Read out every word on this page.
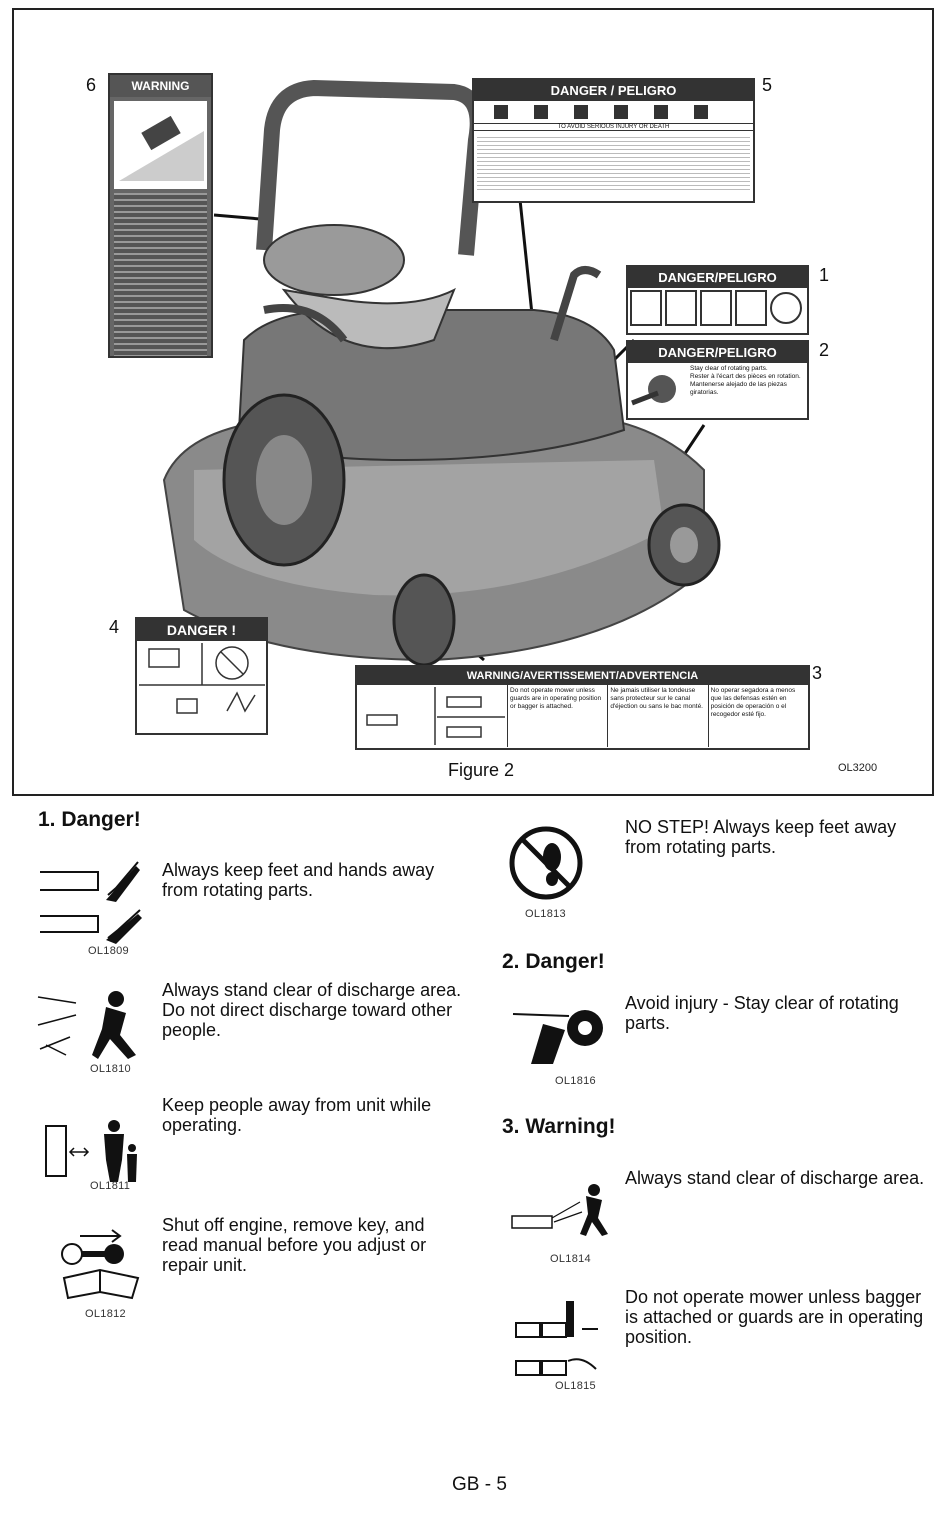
6	5
1
2
4
3
WARNING	DANGER / PELIGRO
TO AVOID SERIOUS INJURY OR DEATH
DANGER/PELIGRO
DANGER/PELIGRO
Stay clear of rotating parts.
Rester à l'écart des pièces en rotation.
Mantenerse alejado de las piezas giratorias.
DANGER !
WARNING/AVERTISSEMENT/ADVERTENCIA
Do not operate mower unless guards are in operating position or bagger is attached.
Ne jamais utiliser la tondeuse sans protecteur sur le canal d'éjection ou sans le bac monté.
No operar segadora a menos que las defensas estén en posición de operación o el recogedor esté fijo.
Figure 2	OL3200
1. Danger!
OL1809
Always keep feet and hands away from rotating parts.
OL1810
Always stand clear of discharge area. Do not direct discharge toward other people.
OL1811
Keep people away from unit while operating.
OL1812
Shut off engine, remove key, and read manual before you adjust or repair unit.
OL1813
NO STEP! Always keep feet away from rotating parts.
2. Danger!
OL1816
Avoid injury - Stay clear of rotating parts.
3. Warning!
OL1814
Always stand clear of discharge area.
OL1815
Do not operate mower unless bagger is attached or guards are in operating position.
GB - 5
